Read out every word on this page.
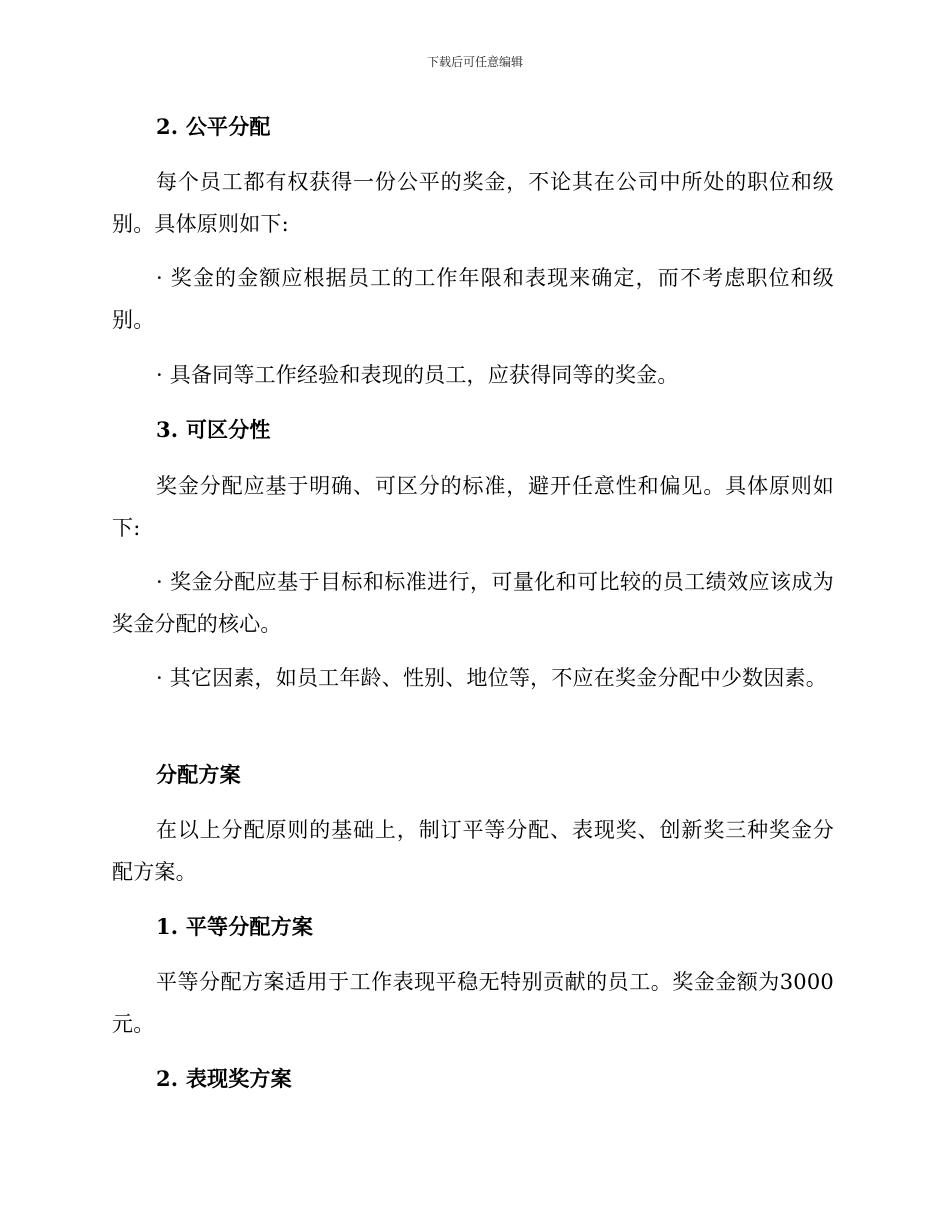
下载后可任意编辑
2. 公平分配
每个员工都有权获得一份公平的奖金，不论其在公司中所处的职位和级别。具体原则如下:
· 奖金的金额应根据员工的工作年限和表现来确定，而不考虑职位和级别。
· 具备同等工作经验和表现的员工，应获得同等的奖金。
3. 可区分性
奖金分配应基于明确、可区分的标准，避开任意性和偏见。具体原则如下:
· 奖金分配应基于目标和标准进行，可量化和可比较的员工绩效应该成为奖金分配的核心。
· 其它因素，如员工年龄、性别、地位等，不应在奖金分配中少数因素。
分配方案
在以上分配原则的基础上，制订平等分配、表现奖、创新奖三种奖金分配方案。
1. 平等分配方案
平等分配方案适用于工作表现平稳无特别贡献的员工。奖金金额为3000元。
2. 表现奖方案
